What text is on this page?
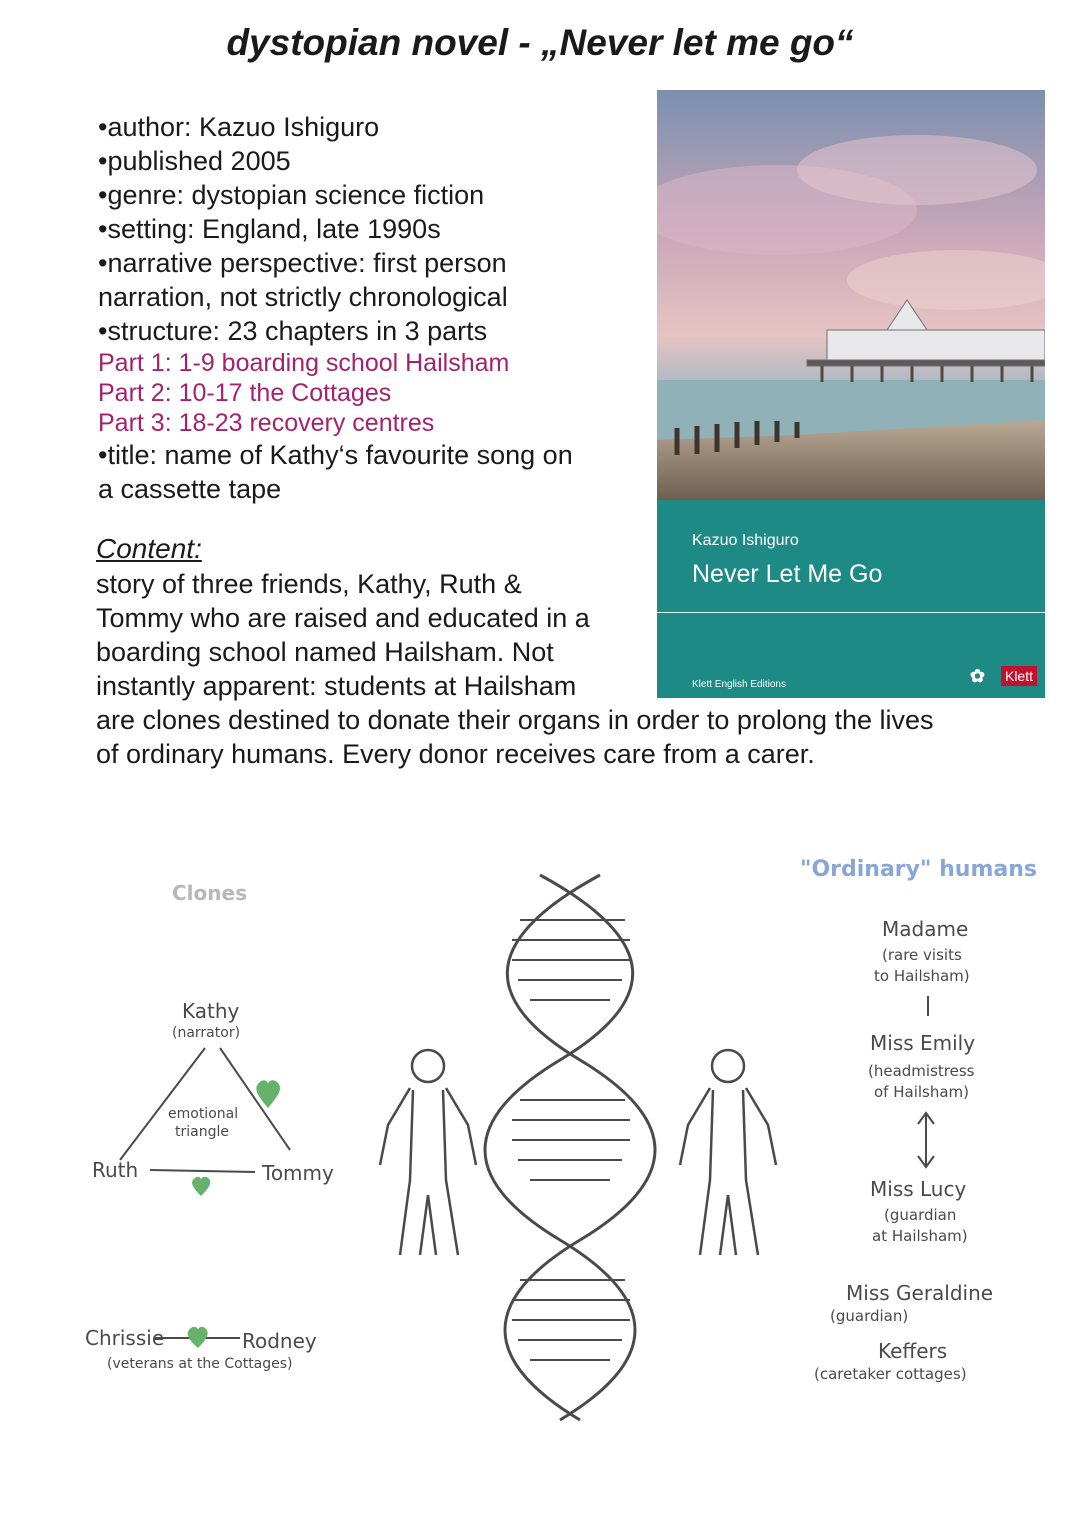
dystopian novel - „Never let me go“
•author: Kazuo Ishiguro
•published 2005
•genre: dystopian science fiction
•setting: England, late 1990s
•narrative perspective: first person
narration, not strictly chronological
•structure: 23 chapters in 3 parts
Part 1: 1-9 boarding school Hailsham
Part 2: 10-17 the Cottages
Part 3: 18-23 recovery centres
•title: name of Kathy‘s favourite song on
a cassette tape
Content:
story of three friends, Kathy, Ruth &
Tommy who are raised and educated in a
boarding school named Hailsham. Not
instantly apparent: students at Hailsham
are clones destined to donate their organs in order to prolong the lives
of ordinary humans. Every donor receives care from a carer.
Kazuo Ishiguro
Never Let Me Go
Klett English Editions	✿ Klett
Clones
Kathy
(narrator)
emotional
triangle
Ruth	Tommy
Chrissie	Rodney
(veterans at the Cottages)
"Ordinary" humans
Madame
(rare visits
to Hailsham)
Miss Emily
(headmistress
of Hailsham)
Miss Lucy
(guardian
at Hailsham)
Miss Geraldine
(guardian)
Keffers
(caretaker cottages)
